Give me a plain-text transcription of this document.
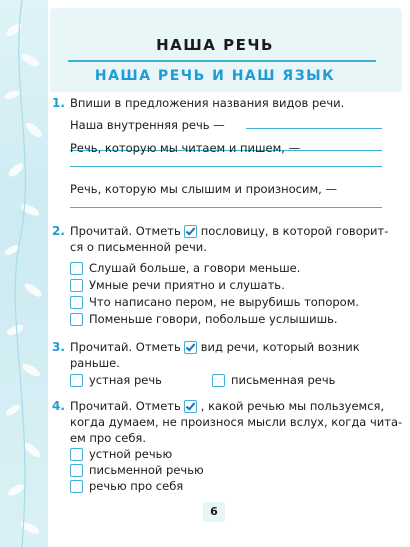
НАША РЕЧЬ
НАША РЕЧЬ И НАШ ЯЗЫК
1. Впиши в предложения названия видов речи.
Наша внутренняя речь —
Речь, которую мы читаем и пишем, —
Речь, которую мы слышим и произносим, —
2. Прочитай. Отметь пословицу, в которой говорит-
ся о письменной речи.
Слушай больше, а говори меньше.
Умные речи приятно и слушать.
Что написано пером, не вырубишь топором.
Поменьше говори, побольше услышишь.
3. Прочитай. Отметь вид речи, который возник
раньше.
устная речь	письменная речь
4. Прочитай. Отметь , какой речью мы пользуемся,
когда думаем, не произнося мысли вслух, когда чита-
ем про себя.
устной речью
письменной речью
речью про себя
6
